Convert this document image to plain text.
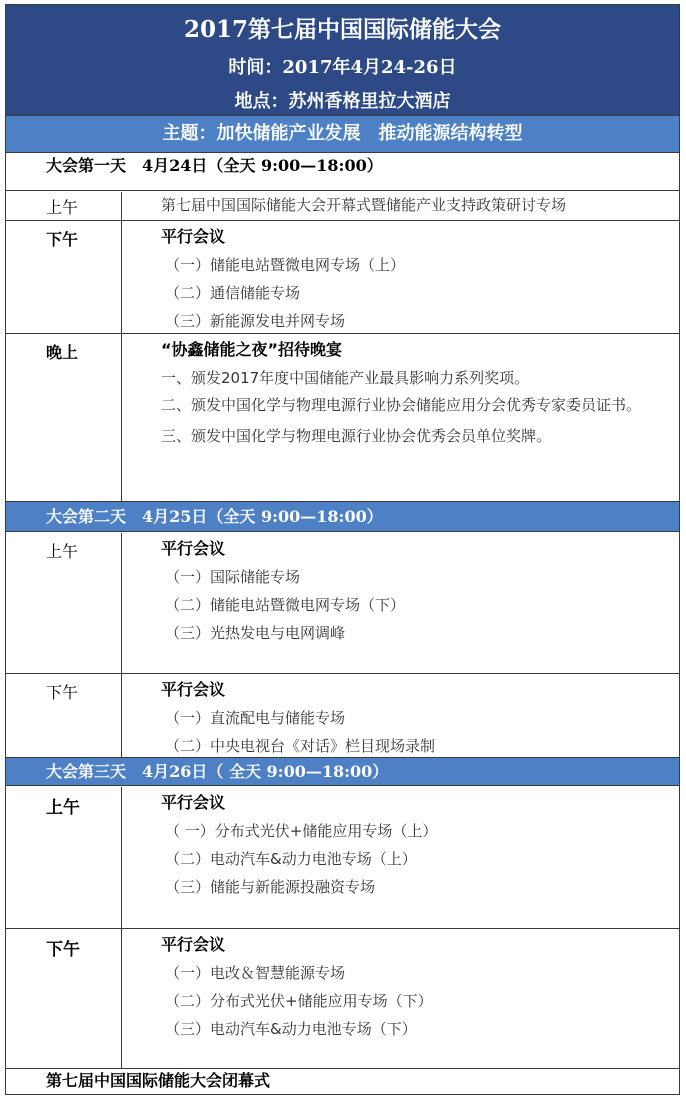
2017第七届中国国际储能大会
时间：2017年4月24-26日
地点：苏州香格里拉大酒店
主题：加快储能产业发展　推动能源结构转型
大会第一天　4月24日（全天 9:00—18:00）
上午	第七届中国国际储能大会开幕式暨储能产业支持政策研讨专场
下午	平行会议
（一）储能电站暨微电网专场（上）
（二）通信储能专场
（三）新能源发电并网专场
晚上	“协鑫储能之夜”招待晚宴
一、颁发2017年度中国储能产业最具影响力系列奖项。
二、颁发中国化学与物理电源行业协会储能应用分会优秀专家委员证书。
三、颁发中国化学与物理电源行业协会优秀会员单位奖牌。
大会第二天　4月25日（全天 9:00—18:00）
上午	平行会议
（一）国际储能专场
（二）储能电站暨微电网专场（下）
（三）光热发电与电网调峰
下午	平行会议
（一）直流配电与储能专场
（二）中央电视台《对话》栏目现场录制
大会第三天　4月26日（ 全天 9:00—18:00）
上午	平行会议
（ 一）分布式光伏+储能应用专场（上）
（二）电动汽车&动力电池专场（上）
（三）储能与新能源投融资专场
下午	平行会议
（一）电改＆智慧能源专场
（二）分布式光伏+储能应用专场（下）
（三）电动汽车&动力电池专场（下）
第七届中国国际储能大会闭幕式
